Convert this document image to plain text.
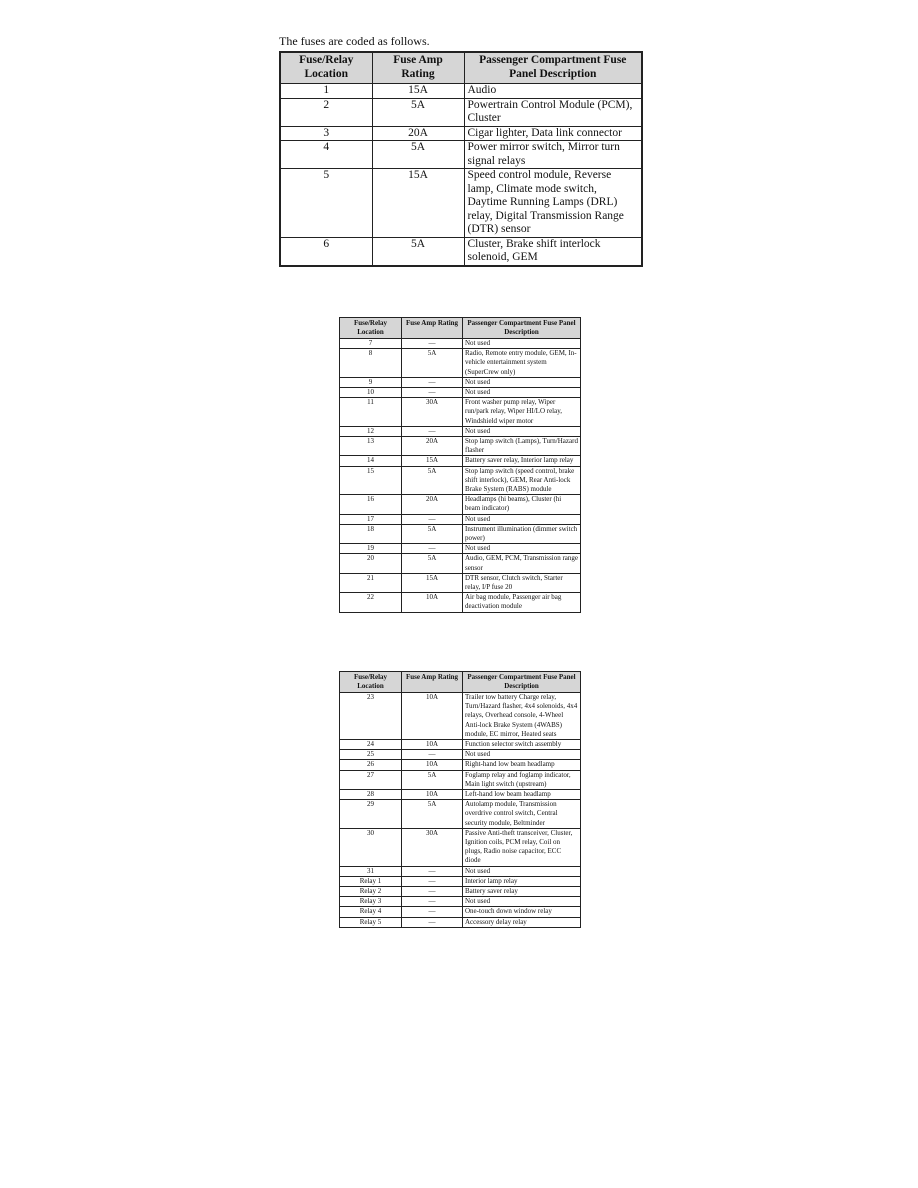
The fuses are coded as follows.

Fuse/Relay Location	Fuse Amp Rating	Passenger Compartment Fuse Panel Description
1	15A	Audio
2	5A	Powertrain Control Module (PCM), Cluster
3	20A	Cigar lighter, Data link connector
4	5A	Power mirror switch, Mirror turn signal relays
5	15A	Speed control module, Reverse lamp, Climate mode switch, Daytime Running Lamps (DRL) relay, Digital Transmission Range (DTR) sensor
6	5A	Cluster, Brake shift interlock solenoid, GEM
Fuse/Relay Location	Fuse Amp Rating	Passenger Compartment Fuse Panel Description
7	—	Not used
8	5A	Radio, Remote entry module, GEM, In-vehicle entertainment system (SuperCrew only)
9	—	Not used
10	—	Not used
11	30A	Front washer pump relay, Wiper run/park relay, Wiper HI/LO relay, Windshield wiper motor
12	—	Not used
13	20A	Stop lamp switch (Lamps), Turn/Hazard flasher
14	15A	Battery saver relay, Interior lamp relay
15	5A	Stop lamp switch (speed control, brake shift interlock), GEM, Rear Anti-lock Brake System (RABS) module
16	20A	Headlamps (hi beams), Cluster (hi beam indicator)
17	—	Not used
18	5A	Instrument illumination (dimmer switch power)
19	—	Not used
20	5A	Audio, GEM, PCM, Transmission range sensor
21	15A	DTR sensor, Clutch switch, Starter relay, I/P fuse 20
22	10A	Air bag module, Passenger air bag deactivation module
Fuse/Relay Location	Fuse Amp Rating	Passenger Compartment Fuse Panel Description
23	10A	Trailer tow battery Charge relay, Turn/Hazard flasher, 4x4 solenoids, 4x4 relays, Overhead console, 4-Wheel Anti-lock Brake System (4WABS) module, EC mirror, Heated seats
24	10A	Function selector switch assembly
25	—	Not used
26	10A	Right-hand low beam headlamp
27	5A	Foglamp relay and foglamp indicator, Main light switch (upstream)
28	10A	Left-hand low beam headlamp
29	5A	Autolamp module, Transmission overdrive control switch, Central security module, Beltminder
30	30A	Passive Anti-theft transceiver, Cluster, Ignition coils, PCM relay, Coil on plugs, Radio noise capacitor, ECC diode
31	—	Not used
Relay 1	—	Interior lamp relay
Relay 2	—	Battery saver relay
Relay 3	—	Not used
Relay 4	—	One-touch down window relay
Relay 5	—	Accessory delay relay
